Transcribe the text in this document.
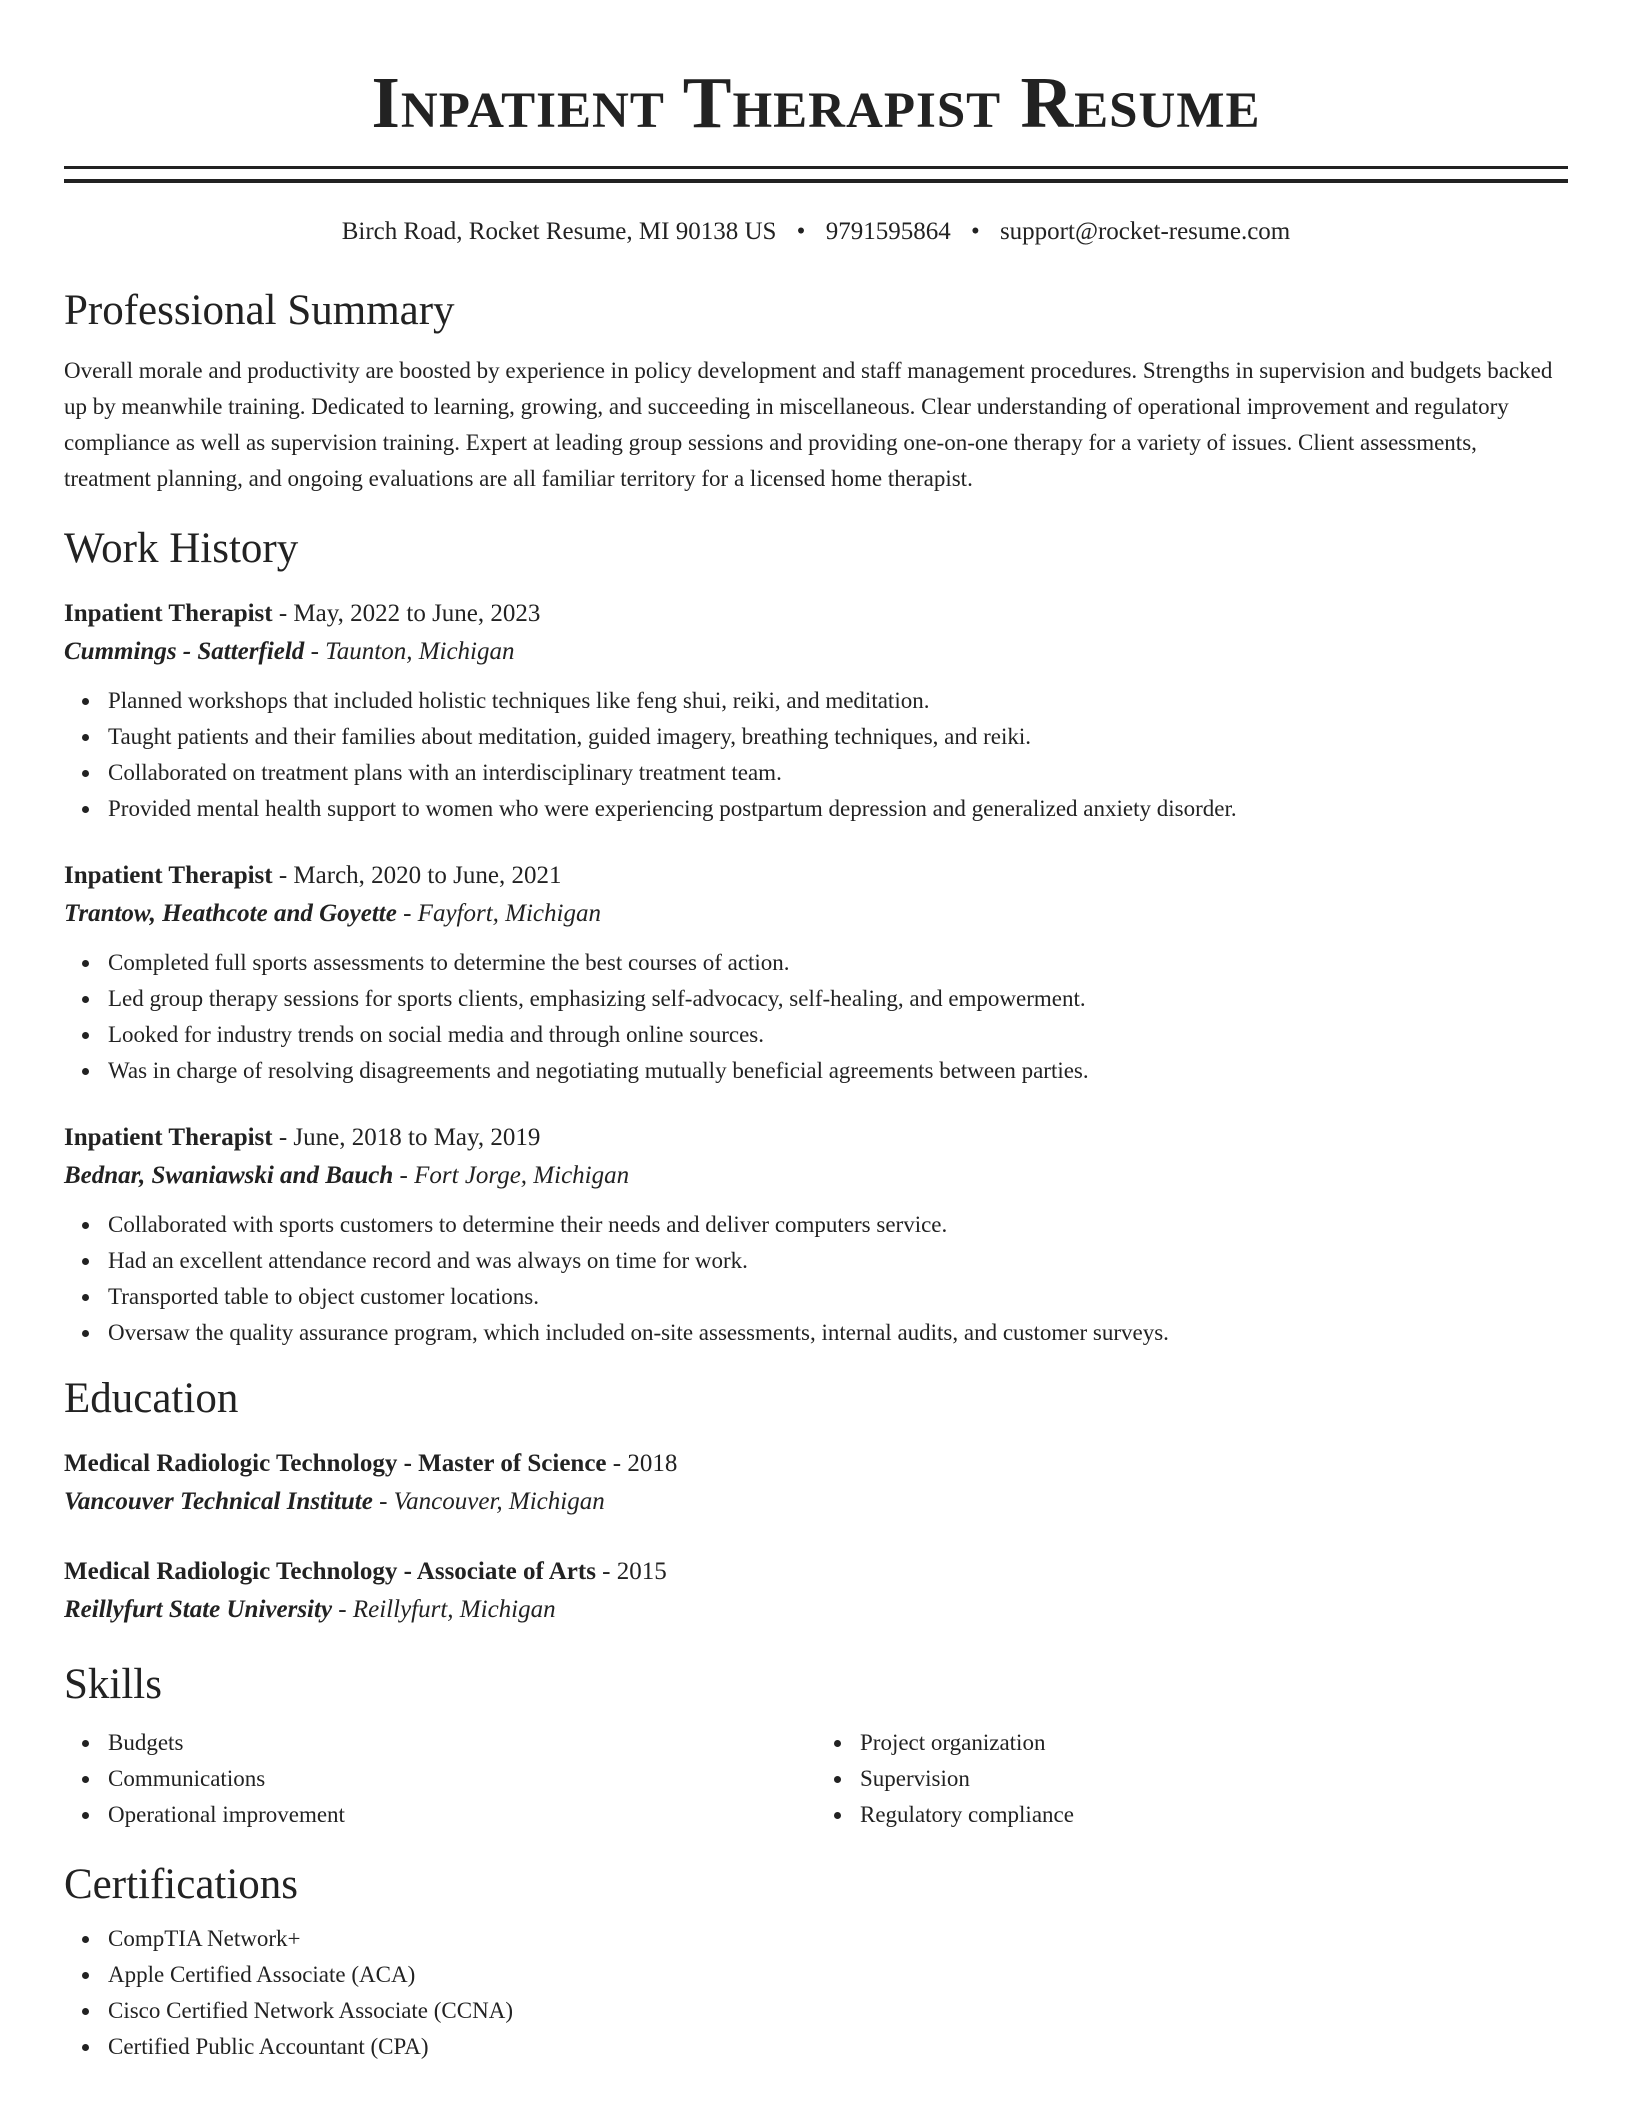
Inpatient Therapist Resume
Birch Road, Rocket Resume, MI 90138 US • 9791595864 • support@rocket-resume.com
Professional Summary

Overall morale and productivity are boosted by experience in policy development and staff management procedures. Strengths in supervision and budgets backed up by meanwhile training. Dedicated to learning, growing, and succeeding in miscellaneous. Clear understanding of operational improvement and regulatory compliance as well as supervision training. Expert at leading group sessions and providing one-on-one therapy for a variety of issues. Client assessments, treatment planning, and ongoing evaluations are all familiar territory for a licensed home therapist.

Work History
Inpatient Therapist - May, 2022 to June, 2023
Cummings - Satterfield - Taunton, Michigan
Planned workshops that included holistic techniques like feng shui, reiki, and meditation.
Taught patients and their families about meditation, guided imagery, breathing techniques, and reiki.
Collaborated on treatment plans with an interdisciplinary treatment team.
Provided mental health support to women who were experiencing postpartum depression and generalized anxiety disorder.
Inpatient Therapist - March, 2020 to June, 2021
Trantow, Heathcote and Goyette - Fayfort, Michigan
Completed full sports assessments to determine the best courses of action.
Led group therapy sessions for sports clients, emphasizing self-advocacy, self-healing, and empowerment.
Looked for industry trends on social media and through online sources.
Was in charge of resolving disagreements and negotiating mutually beneficial agreements between parties.
Inpatient Therapist - June, 2018 to May, 2019
Bednar, Swaniawski and Bauch - Fort Jorge, Michigan
Collaborated with sports customers to determine their needs and deliver computers service.
Had an excellent attendance record and was always on time for work.
Transported table to object customer locations.
Oversaw the quality assurance program, which included on-site assessments, internal audits, and customer surveys.
Education
Medical Radiologic Technology - Master of Science - 2018
Vancouver Technical Institute - Vancouver, Michigan
Medical Radiologic Technology - Associate of Arts - 2015
Reillyfurt State University - Reillyfurt, Michigan
Skills
Budgets
Communications
Operational improvement
Project organization
Supervision
Regulatory compliance
Certifications
CompTIA Network+
Apple Certified Associate (ACA)
Cisco Certified Network Associate (CCNA)
Certified Public Accountant (CPA)
